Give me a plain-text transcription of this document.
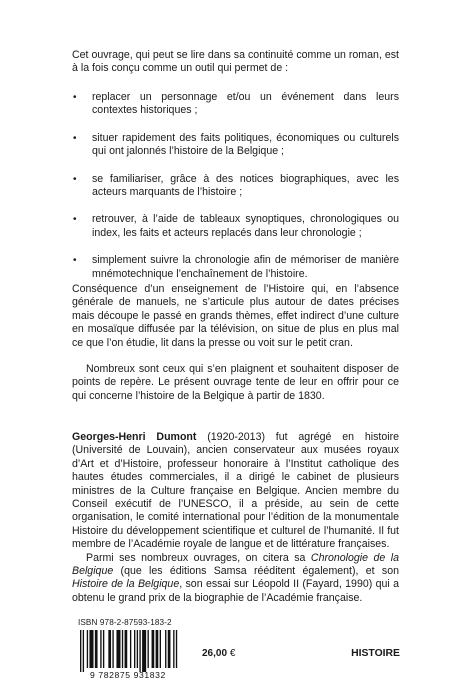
Cet ouvrage, qui peut se lire dans sa continuité comme un roman, est à la fois conçu comme un outil qui permet de :

• replacer un personnage et/ou un événement dans leurs contextes historiques ;
• situer rapidement des faits politiques, économiques ou culturels qui ont jalonnés l’histoire de la Belgique ;
• se familiariser, grâce à des notices biographiques, avec les acteurs marquants de l’histoire ;
• retrouver, à l’aide de tableaux synoptiques, chronologiques ou index, les faits et acteurs replacés dans leur chronologie ;
• simplement suivre la chronologie afin de mémoriser de manière mnémotechnique l’enchaînement de l’histoire.

Conséquence d’un enseignement de l’Histoire qui, en l’absence générale de manuels, ne s’articule plus autour de dates précises mais découpe le passé en grands thèmes, effet indirect d’une culture en mosaïque diffusée par la télévision, on situe de plus en plus mal ce que l’on étudie, lit dans la presse ou voit sur le petit cran.

Nombreux sont ceux qui s’en plaignent et souhaitent disposer de points de repère. Le présent ouvrage tente de leur en offrir pour ce qui concerne l’histoire de la Belgique à partir de 1830.

Georges-Henri Dumont (1920-2013) fut agrégé en histoire (Université de Louvain), ancien conservateur aux musées royaux d’Art et d’Histoire, professeur honoraire à l’Institut catholique des hautes études commerciales, il a dirigé le cabinet de plusieurs ministres de la Culture française en Belgique. Ancien membre du Conseil exécutif de l’UNESCO, il a préside, au sein de cette organisation, le comité international pour l’édition de la monumentale Histoire du développement scientifique et culturel de l’humanité. Il fut membre de l’Académie royale de langue et de littérature françaises.

Parmi ses nombreux ouvrages, on citera sa Chronologie de la Belgique (que les éditions Samsa rééditent également), et son Histoire de la Belgique, son essai sur Léopold II (Fayard, 1990) qui a obtenu le grand prix de la biographie de l’Académie française.

ISBN 978-2-87593-183-2
9 782875 931832
26,00 €	HISTOIRE
